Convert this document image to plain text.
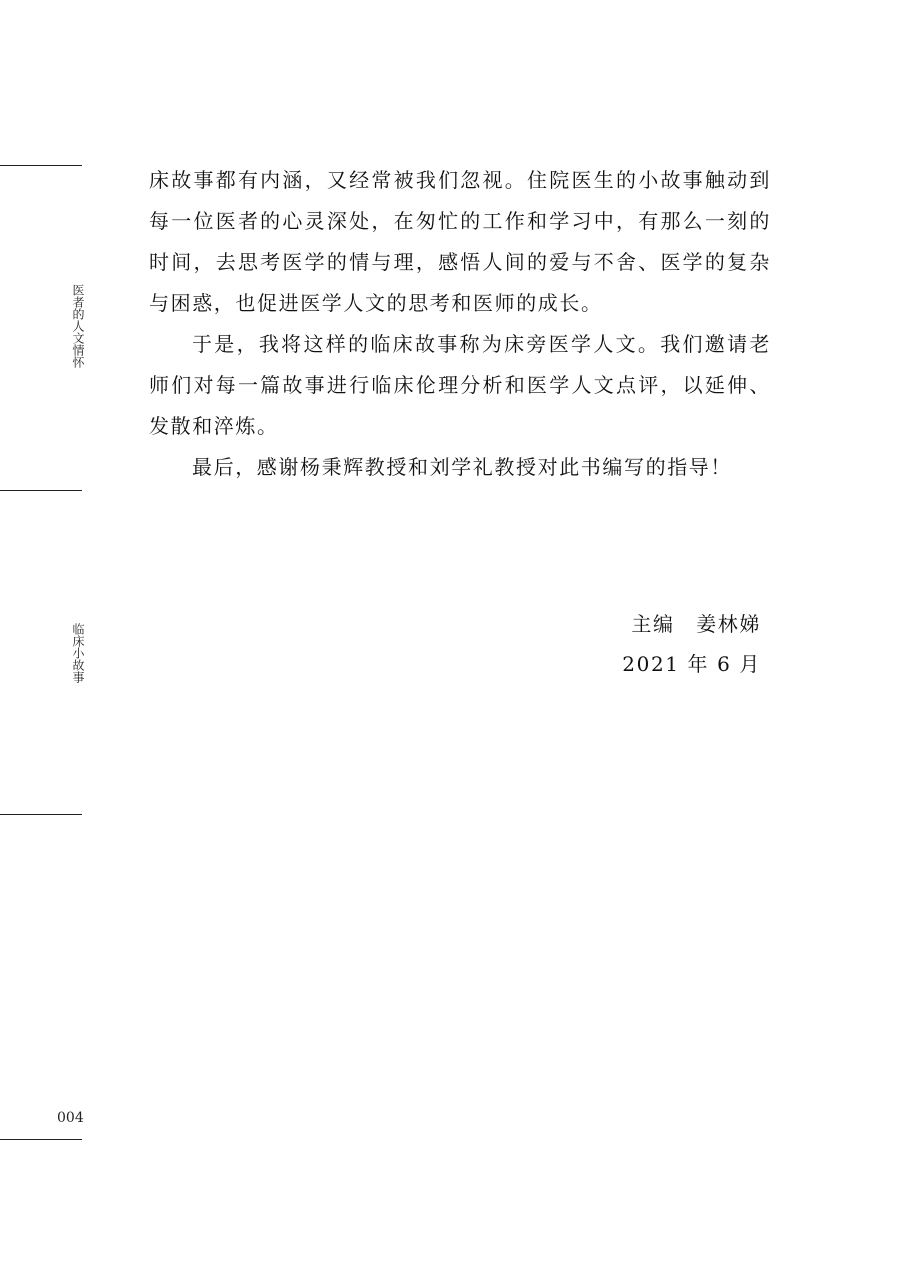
医者的人文情怀
临床小故事
004

床故事都有内涵，又经常被我们忽视。住院医生的小故事触动到每一位医者的心灵深处，在匆忙的工作和学习中，有那么一刻的时间，去思考医学的情与理，感悟人间的爱与不舍、医学的复杂与困惑，也促进医学人文的思考和医师的成长。

于是，我将这样的临床故事称为床旁医学人文。我们邀请老师们对每一篇故事进行临床伦理分析和医学人文点评，以延伸、发散和淬炼。

最后，感谢杨秉辉教授和刘学礼教授对此书编写的指导！

主编　姜林娣
2021 年 6 月
